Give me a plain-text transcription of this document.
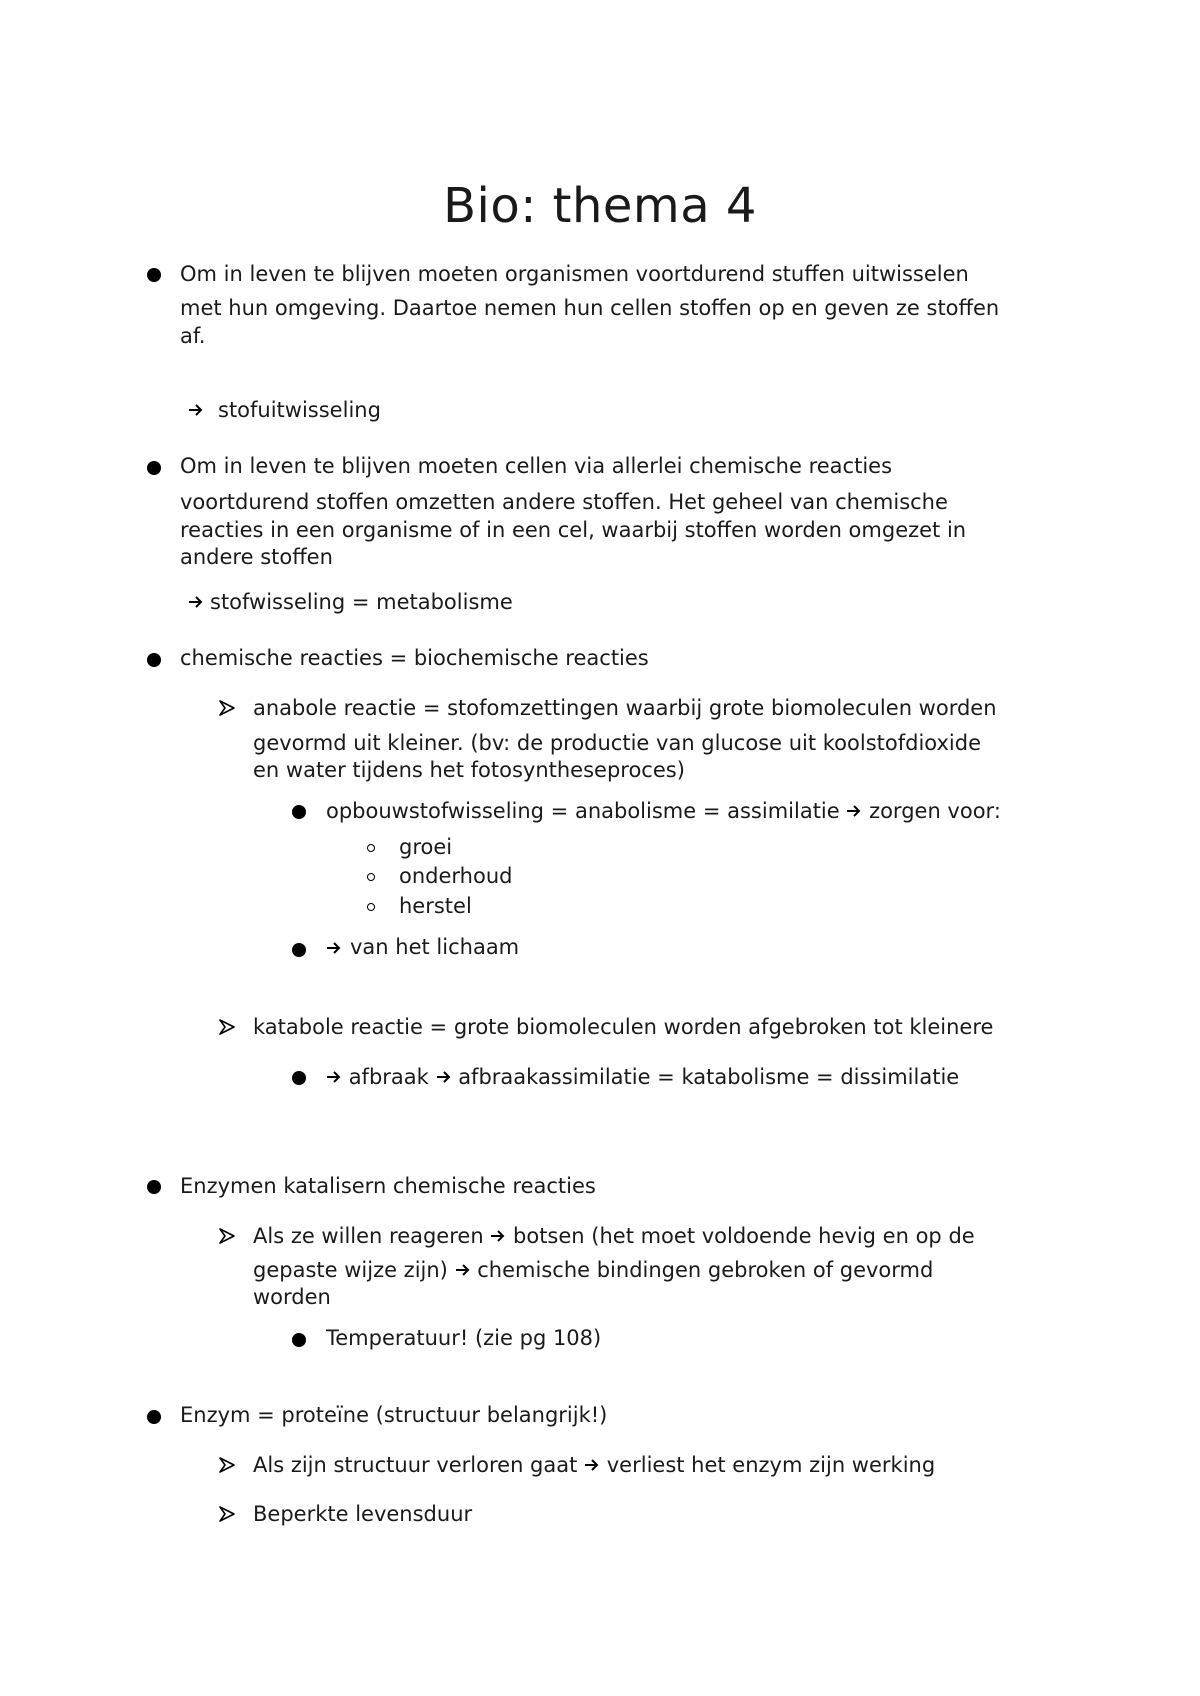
Bio: thema 4
Om in leven te blijven moeten organismen voortdurend stuffen uitwisselen
met hun omgeving. Daartoe nemen hun cellen stoffen op en geven ze stoffen
af.
stofuitwisseling
Om in leven te blijven moeten cellen via allerlei chemische reacties
voortdurend stoffen omzetten andere stoffen. Het geheel van chemische
reacties in een organisme of in een cel, waarbij stoffen worden omgezet in
andere stoffen
stofwisseling = metabolisme
chemische reacties = biochemische reacties
anabole reactie = stofomzettingen waarbij grote biomoleculen worden
gevormd uit kleiner. (bv: de productie van glucose uit koolstofdioxide
en water tijdens het fotosyntheseproces)
opbouwstofwisseling = anabolisme = assimilatie zorgen voor:
groei
onderhoud
herstel
van het lichaam
katabole reactie = grote biomoleculen worden afgebroken tot kleinere
afbraak afbraakassimilatie = katabolisme = dissimilatie
Enzymen katalisern chemische reacties
Als ze willen reageren botsen (het moet voldoende hevig en op de
gepaste wijze zijn) chemische bindingen gebroken of gevormd
worden
Temperatuur! (zie pg 108)
Enzym = proteïne (structuur belangrijk!)
Als zijn structuur verloren gaat verliest het enzym zijn werking
Beperkte levensduur
